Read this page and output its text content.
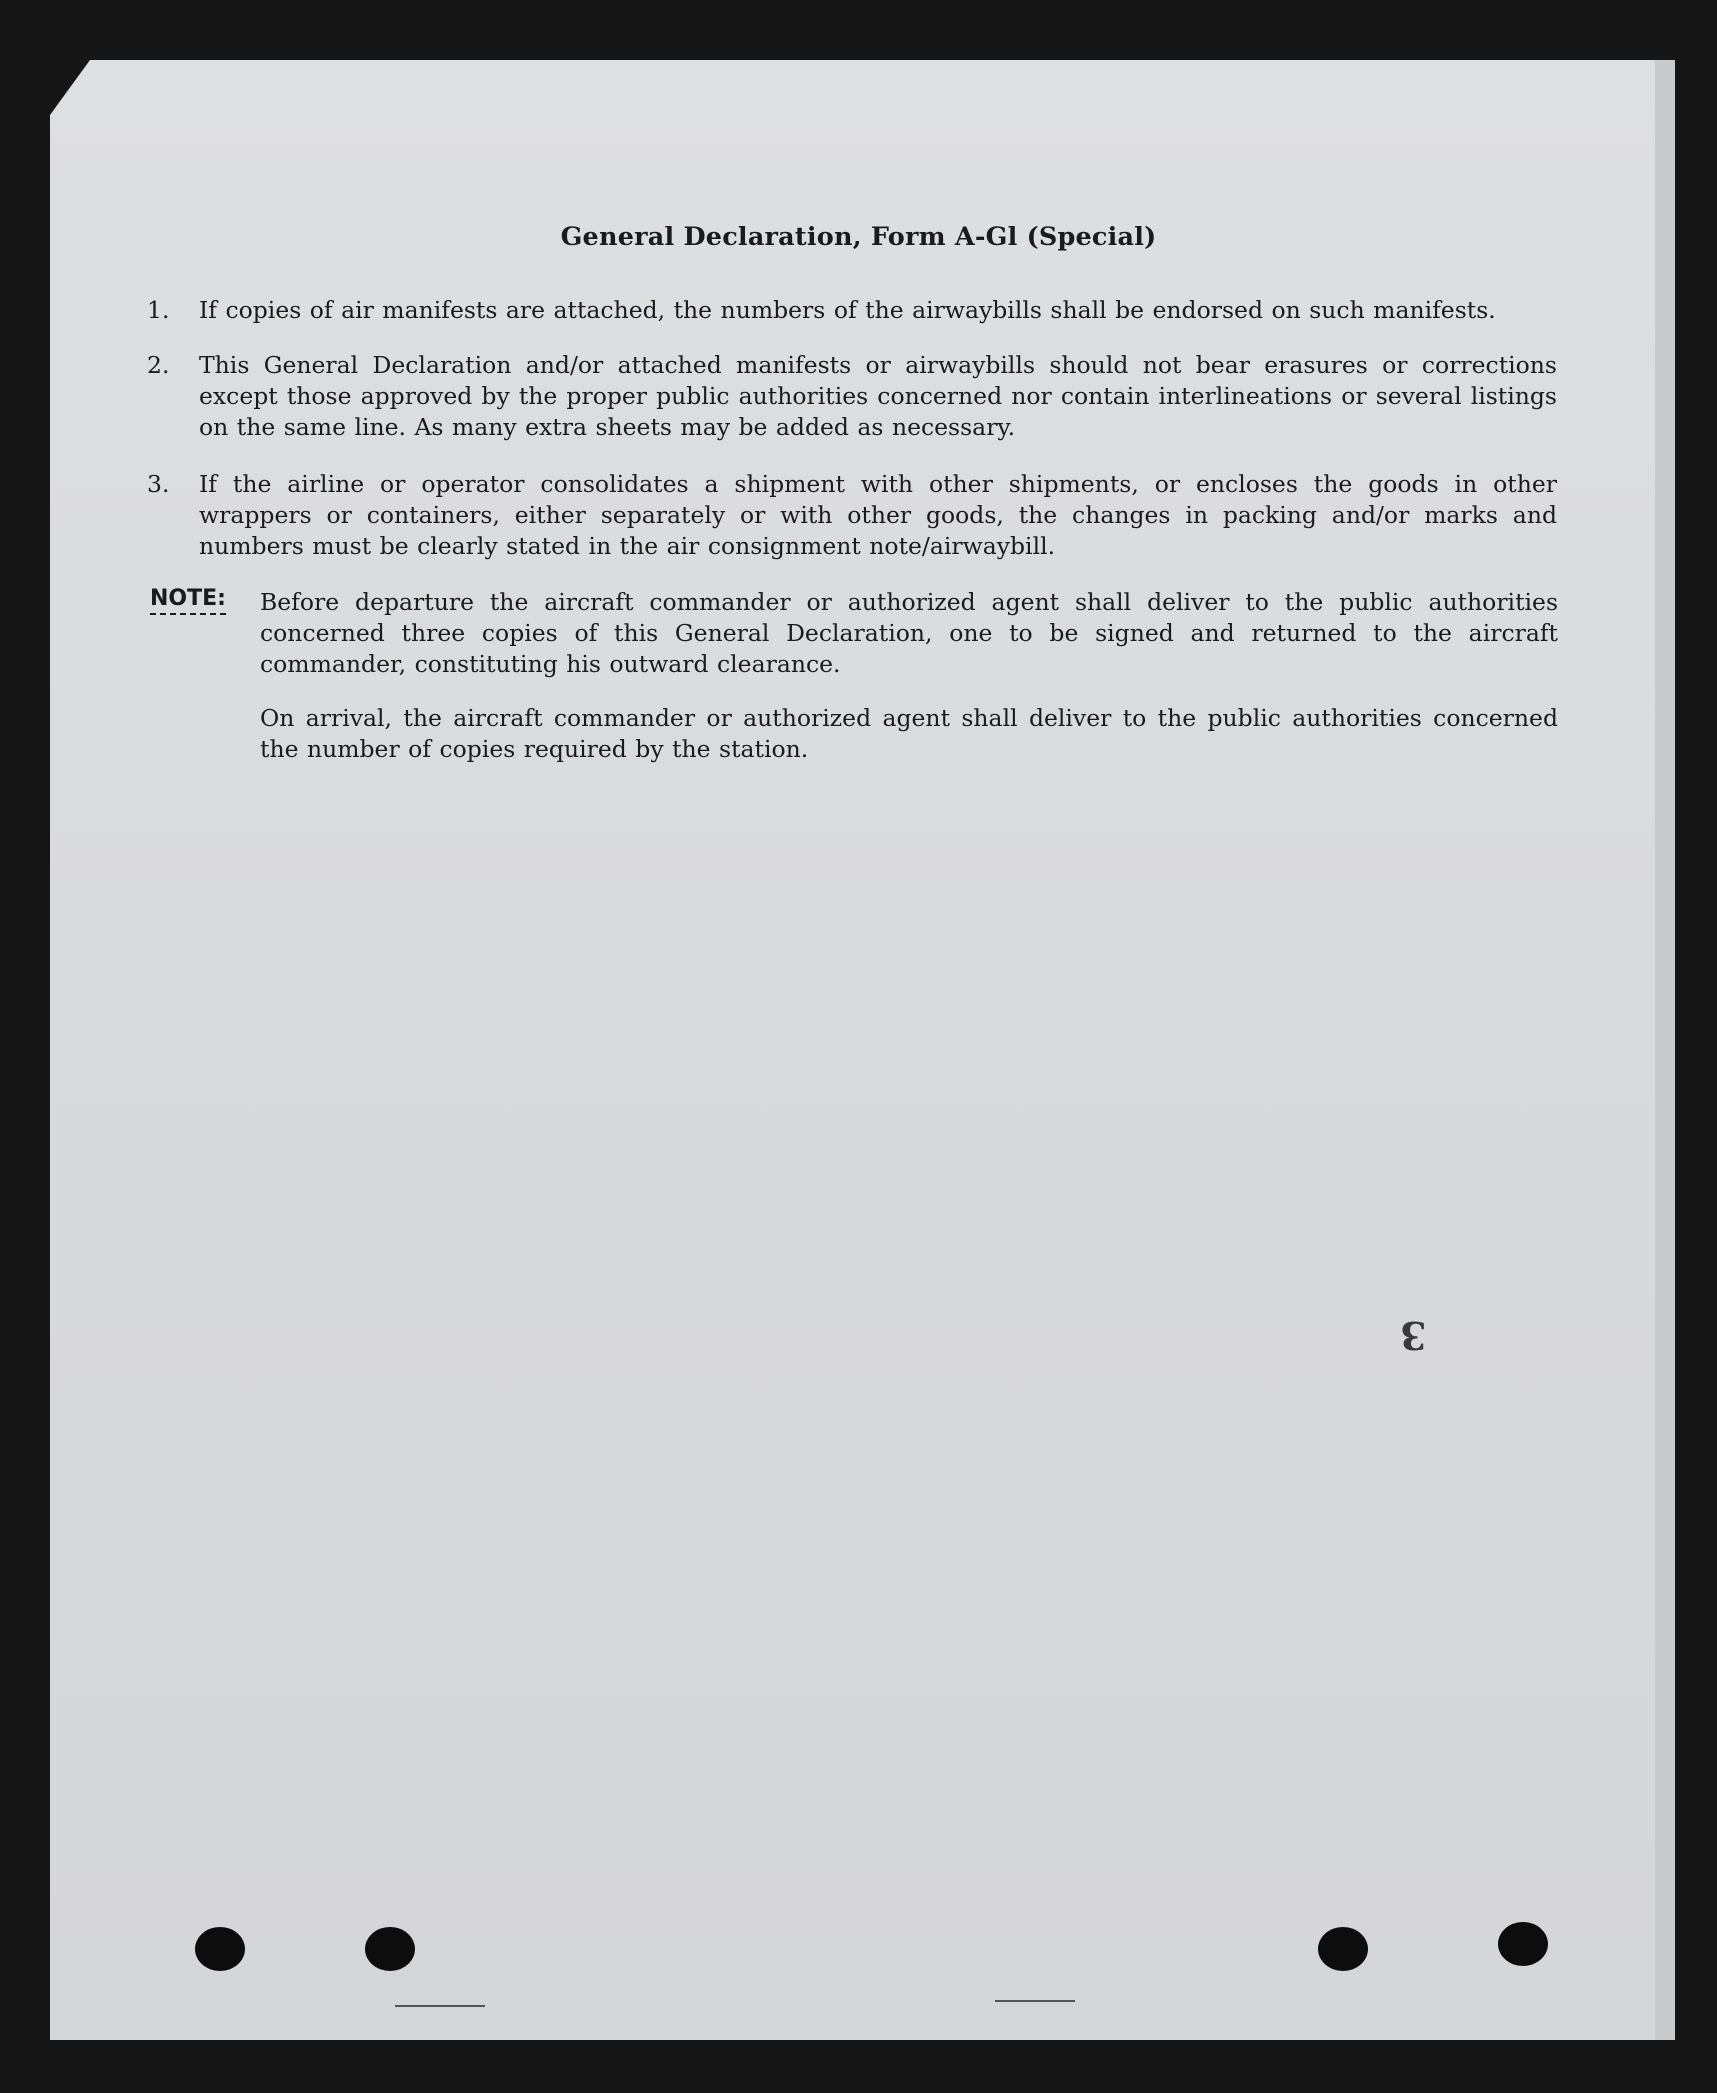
General Declaration, Form A-Gl (Special)
1.	If copies of air manifests are attached, the numbers of the airwaybills shall be endorsed on such manifests.
2.	This General Declaration and/or attached manifests or airwaybills should not bear erasures or corrections except those approved by the proper public authorities concerned nor contain interlineations or several listings on the same line. As many extra sheets may be added as necessary.
3.	If the airline or operator consolidates a shipment with other shipments, or encloses the goods in other wrappers or containers, either separately or with other goods, the changes in packing and/or marks and numbers must be clearly stated in the air consignment note/airwaybill.
NOTE: Before departure the aircraft commander or authorized agent shall deliver to the public authorities concerned three copies of this General Declaration, one to be signed and returned to the aircraft commander, constituting his outward clearance.
On arrival, the aircraft commander or authorized agent shall deliver to the public authorities concerned the number of copies required by the station.
3
